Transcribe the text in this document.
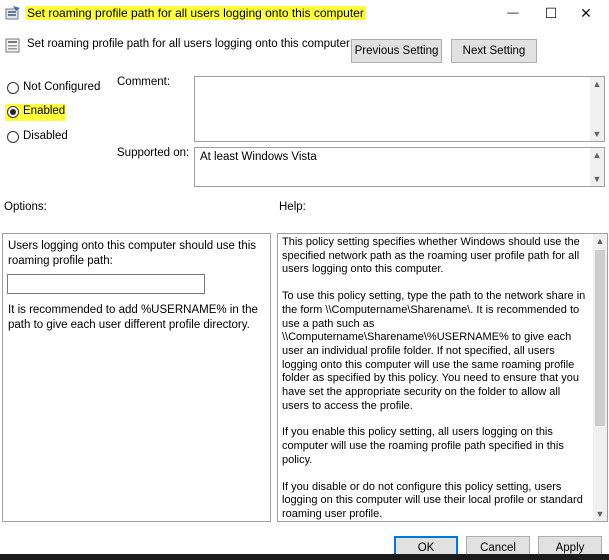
Set roaming profile path for all users logging onto this computer	— ☐ ✕
Set roaming profile path for all users logging onto this computer
Previous Setting	Next Setting
Not Configured
Enabled
Disabled
Comment:	▲
▼
Supported on: At least Windows Vista	▲
▼
Options:	Help:
Users logging onto this computer should use this roaming profile path:
It is recommended to add %USERNAME% in the path to give each user different profile directory.

This policy setting specifies whether Windows should use the specified network path as the roaming user profile path for all users logging onto this computer.

To use this policy setting, type the path to the network share in the form \\Computername\Sharename\. It is recommended to use a path such as \\Computername\Sharename\%USERNAME% to give each user an individual profile folder. If not specified, all users logging onto this computer will use the same roaming profile folder as specified by this policy. You need to ensure that you have set the appropriate security on the folder to allow all users to access the profile.

If you enable this policy setting, all users logging on this computer will use the roaming profile path specified in this policy.

If you disable or do not configure this policy setting, users logging on this computer will use their local profile or standard roaming user profile.

▲
▼
OK	Cancel	Apply
